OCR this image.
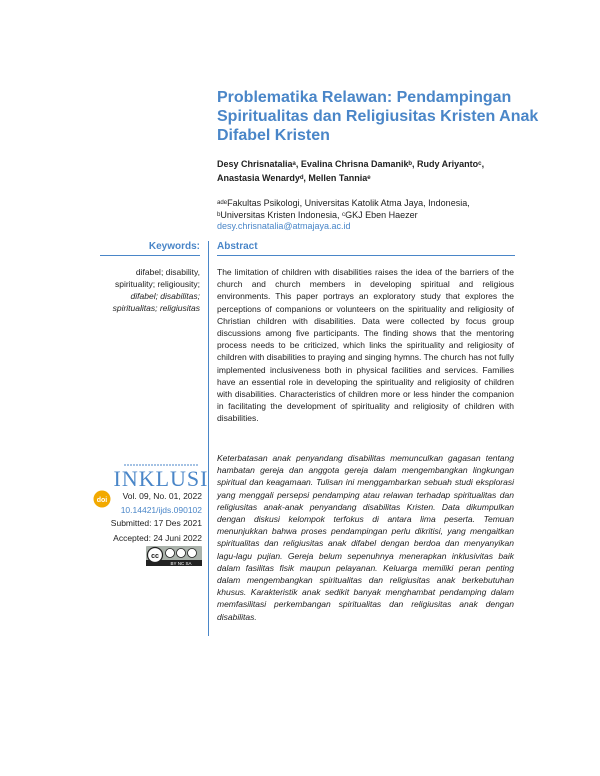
Problematika Relawan: Pendampingan Spiritualitas dan Religiusitas Kristen Anak Difabel Kristen
Desy Chrisnataliaᵃ, Evalina Chrisna Damanikᵇ, Rudy Ariyantoᶜ,
Anastasia Wenardyᵈ, Mellen Tanniaᵉ
ᵃᵈᵉFakultas Psikologi, Universitas Katolik Atma Jaya, Indonesia,
ᵇUniversitas Kristen Indonesia, ᶜGKJ Eben Haezer
desy.chrisnatalia@atmajaya.ac.id
Keywords: Abstract
difabel; disability,
spirituality; religiousity;
difabel; disabilitas;
spiritualitas; religiusitas
The limitation of children with disabilities raises the idea of the barriers of the church and church members in developing spiritual and religious environments. This paper portrays an exploratory study that explores the perceptions of companions or volunteers on the spirituality and religiosity of Christian children with disabilities. Data were collected by focus group discussions among five participants. The finding shows that the mentoring process needs to be criticized, which links the spirituality and religiosity of children with disabilities to praying and singing hymns. The church has not fully implemented inclusiveness both in physical facilities and services. Families have an essential role in developing the spirituality and religiosity of children with disabilities. Characteristics of children more or less hinder the companion in facilitating the development of spirituality and religiosity of children with disabilities.
Keterbatasan anak penyandang disabilitas memunculkan gagasan tentang hambatan gereja dan anggota gereja dalam mengembangkan lingkungan spiritual dan keagamaan. Tulisan ini menggambarkan sebuah studi eksplorasi yang menggali persepsi pendamping atau relawan terhadap spiritualitas dan religiusitas anak-anak penyandang disabilitas Kristen. Data dikumpulkan dengan diskusi kelompok terfokus di antara lima peserta. Temuan menunjukkan bahwa proses pendampingan perlu dikritisi, yang mengaitkan spiritualitas dan religiusitas anak difabel dengan berdoa dan menyanyikan lagu-lagu pujian. Gereja belum sepenuhnya menerapkan inklusivitas baik dalam fasilitas fisik maupun pelayanan. Keluarga memiliki peran penting dalam mengembangkan spiritualitas dan religiusitas anak berkebutuhan khusus. Karakteristik anak sedikit banyak menghambat pendamping dalam memfasilitasi perkembangan spiritualitas dan religiusitas anak dengan disabilitas.
INKLUSI
doi	Vol. 09, No. 01, 2022
10.14421/ijds.090102
Submitted: 17 Des 2021
Accepted: 24 Juni 2022
cc
BY NC SA
